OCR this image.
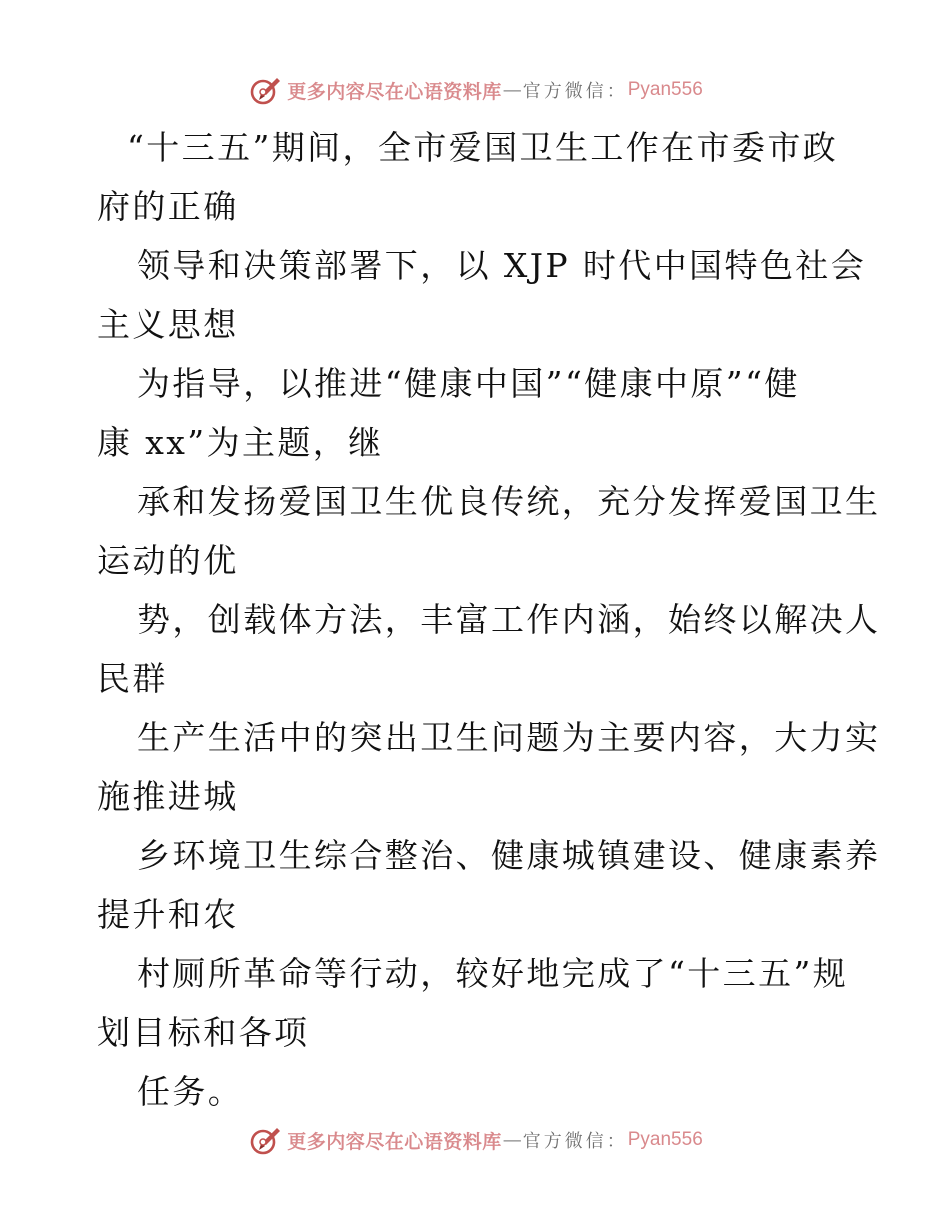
更多内容尽在心语资料库 — 官方微信： Pyan556
“十三五”期间，全市爱国卫生工作在市委市政
府的正确
领导和决策部署下，以 XJP 时代中国特色社会
主义思想
为指导，以推进“健康中国”“健康中原”“健
康 xx”为主题，继
承和发扬爱国卫生优良传统，充分发挥爱国卫生
运动的优
势，创载体方法，丰富工作内涵，始终以解决人
民群
生产生活中的突出卫生问题为主要内容，大力实
施推进城
乡环境卫生综合整治、健康城镇建设、健康素养
提升和农
村厕所革命等行动，较好地完成了“十三五”规
划目标和各项
任务。
更多内容尽在心语资料库 — 官方微信： Pyan556
